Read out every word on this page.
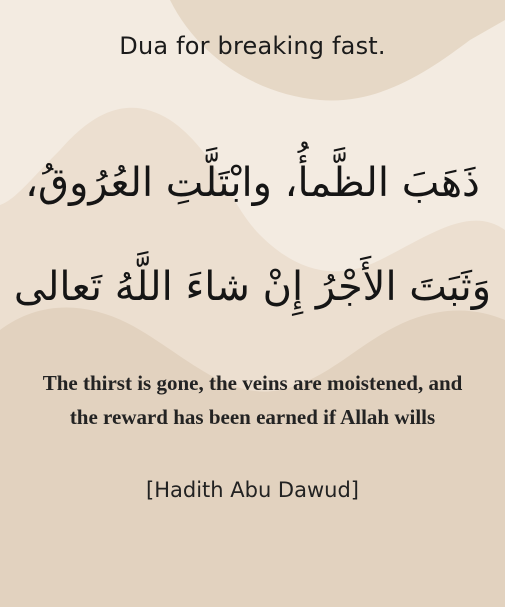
Dua for breaking fast.
ذَهَبَ الظَّمأُ، وابْتَلَّتِ العُرُوقُ،
وَثَبَتَ الأَجْرُ إِنْ شاءَ اللَّهُ تَعالى
The thirst is gone, the veins are moistened, and
the reward has been earned if Allah wills
[Hadith Abu Dawud]
